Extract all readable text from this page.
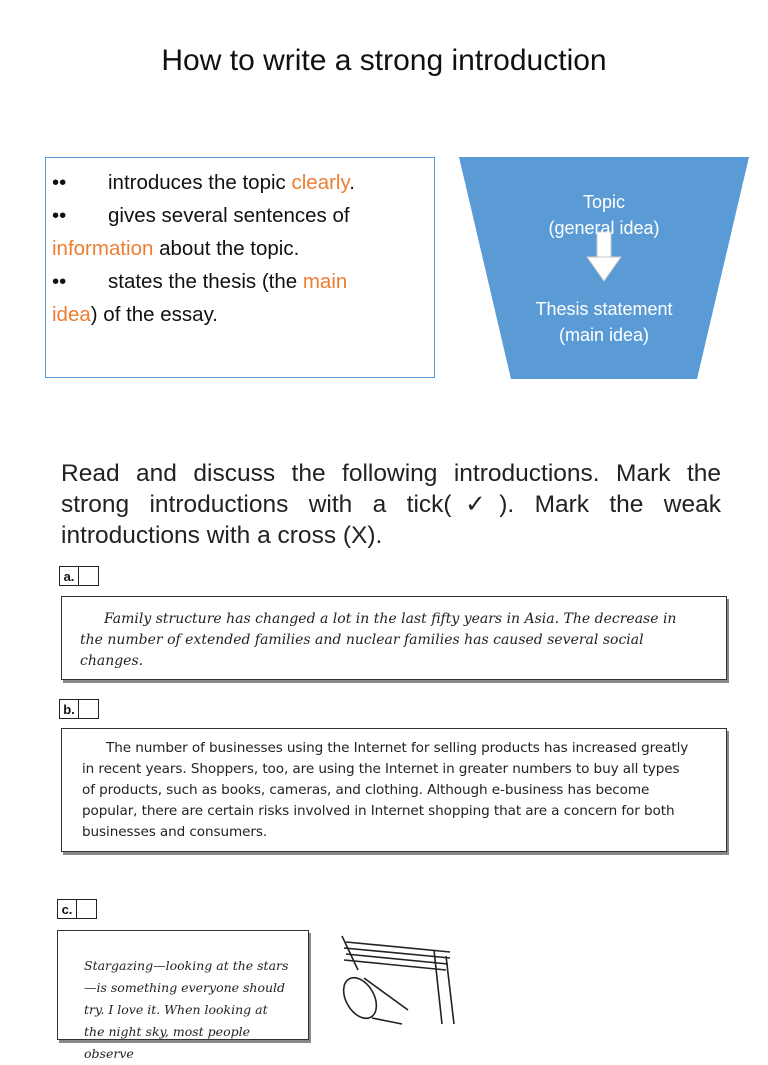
How to write a strong introduction
•• introduces the topic clearly.
•• gives several sentences of
information about the topic.
•• states the thesis (the main
idea) of the essay.
Topic
(general idea)
Thesis statement
(main idea)
Read and discuss the following introductions. Mark the strong introductions with a tick(✓). Mark the weak introductions with a cross (X).
a.
Family structure has changed a lot in the last fifty years in Asia. The decrease in the number of extended families and nuclear families has caused several social changes.
b.
The number of businesses using the Internet for selling products has increased greatly in recent years. Shoppers, too, are using the Internet in greater numbers to buy all types of products, such as books, cameras, and clothing. Although e-business has become popular, there are certain risks involved in Internet shopping that are a concern for both businesses and consumers.
c.
Stargazing—looking at the stars—is something everyone should try. I love it. When looking at the night sky, most people observe
